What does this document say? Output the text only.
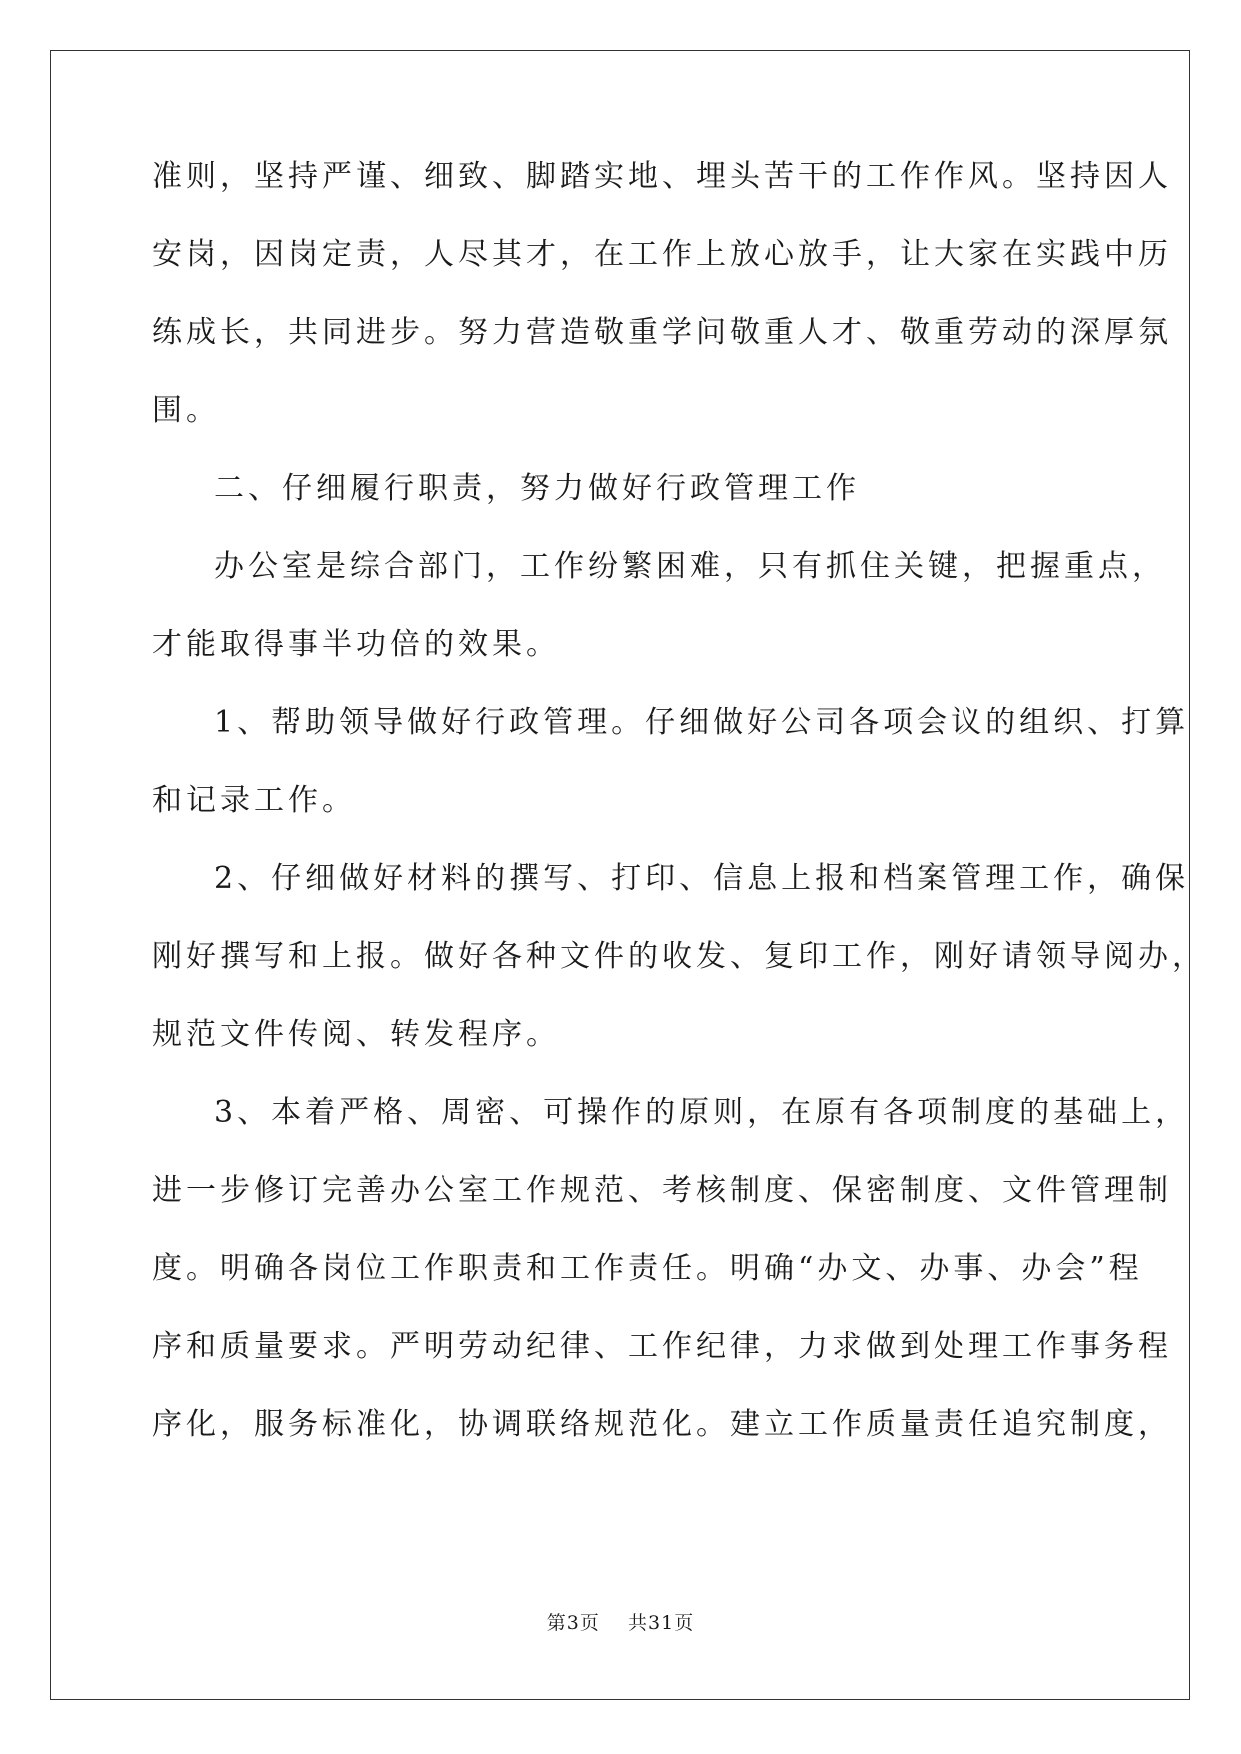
准则，坚持严谨、细致、脚踏实地、埋头苦干的工作作风。坚持因人
安岗，因岗定责，人尽其才，在工作上放心放手，让大家在实践中历
练成长，共同进步。努力营造敬重学问敬重人才、敬重劳动的深厚氛
围。
二、仔细履行职责，努力做好行政管理工作
办公室是综合部门，工作纷繁困难，只有抓住关键，把握重点，
才能取得事半功倍的效果。
1、帮助领导做好行政管理。仔细做好公司各项会议的组织、打算
和记录工作。
2、仔细做好材料的撰写、打印、信息上报和档案管理工作，确保
刚好撰写和上报。做好各种文件的收发、复印工作，刚好请领导阅办，
规范文件传阅、转发程序。
3、本着严格、周密、可操作的原则，在原有各项制度的基础上，
进一步修订完善办公室工作规范、考核制度、保密制度、文件管理制
度。明确各岗位工作职责和工作责任。明确“办文、办事、办会”程
序和质量要求。严明劳动纪律、工作纪律，力求做到处理工作事务程
序化，服务标准化，协调联络规范化。建立工作质量责任追究制度，
第3页 共31页
